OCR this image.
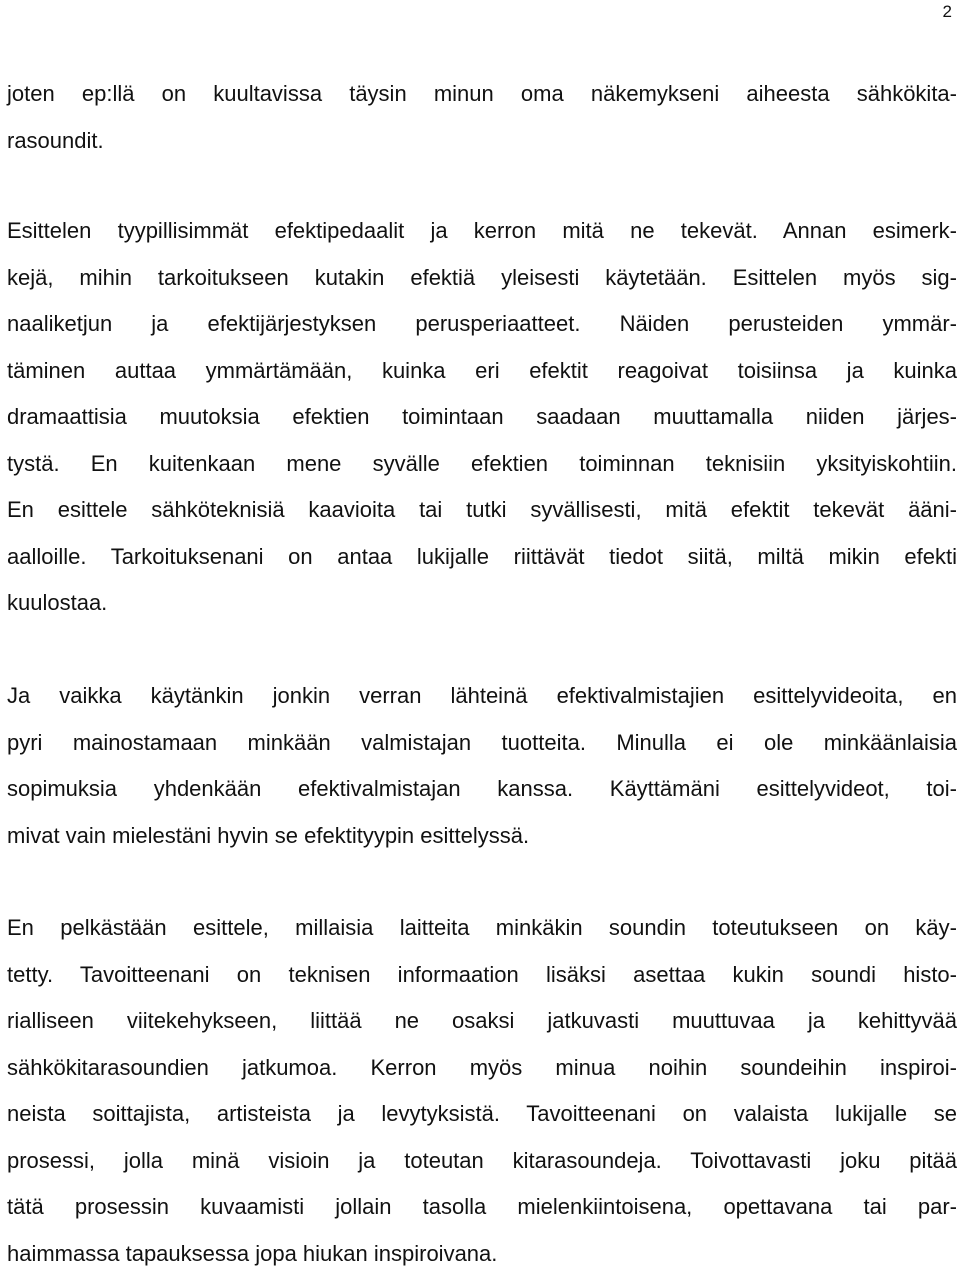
2
joten ep:llä on kuultavissa täysin minun oma näkemykseni aiheesta sähkökita-
rasoundit.
Esittelen tyypillisimmät efektipedaalit ja kerron mitä ne tekevät. Annan esimerk-
kejä, mihin tarkoitukseen kutakin efektiä yleisesti käytetään. Esittelen myös sig-
naaliketjun ja efektijärjestyksen perusperiaatteet. Näiden perusteiden ymmär-
täminen auttaa ymmärtämään, kuinka eri efektit reagoivat toisiinsa ja kuinka
dramaattisia muutoksia efektien toimintaan saadaan muuttamalla niiden järjes-
tystä. En kuitenkaan mene syvälle efektien toiminnan teknisiin yksityiskohtiin.
En esittele sähköteknisiä kaavioita tai tutki syvällisesti, mitä efektit tekevät ääni-
aalloille. Tarkoituksenani on antaa lukijalle riittävät tiedot siitä, miltä mikin efekti
kuulostaa.
Ja vaikka käytänkin jonkin verran lähteinä efektivalmistajien esittelyvideoita, en
pyri mainostamaan minkään valmistajan tuotteita. Minulla ei ole minkäänlaisia
sopimuksia yhdenkään efektivalmistajan kanssa. Käyttämäni esittelyvideot, toi-
mivat vain mielestäni hyvin se efektityypin esittelyssä.
En pelkästään esittele, millaisia laitteita minkäkin soundin toteutukseen on käy-
tetty. Tavoitteenani on teknisen informaation lisäksi asettaa kukin soundi histo-
rialliseen viitekehykseen, liittää ne osaksi jatkuvasti muuttuvaa ja kehittyvää
sähkökitarasoundien jatkumoa. Kerron myös minua noihin soundeihin inspiroi-
neista soittajista, artisteista ja levytyksistä. Tavoitteenani on valaista lukijalle se
prosessi, jolla minä visioin ja toteutan kitarasoundeja. Toivottavasti joku pitää
tätä prosessin kuvaamisti jollain tasolla mielenkiintoisena, opettavana tai par-
haimmassa tapauksessa jopa hiukan inspiroivana.
